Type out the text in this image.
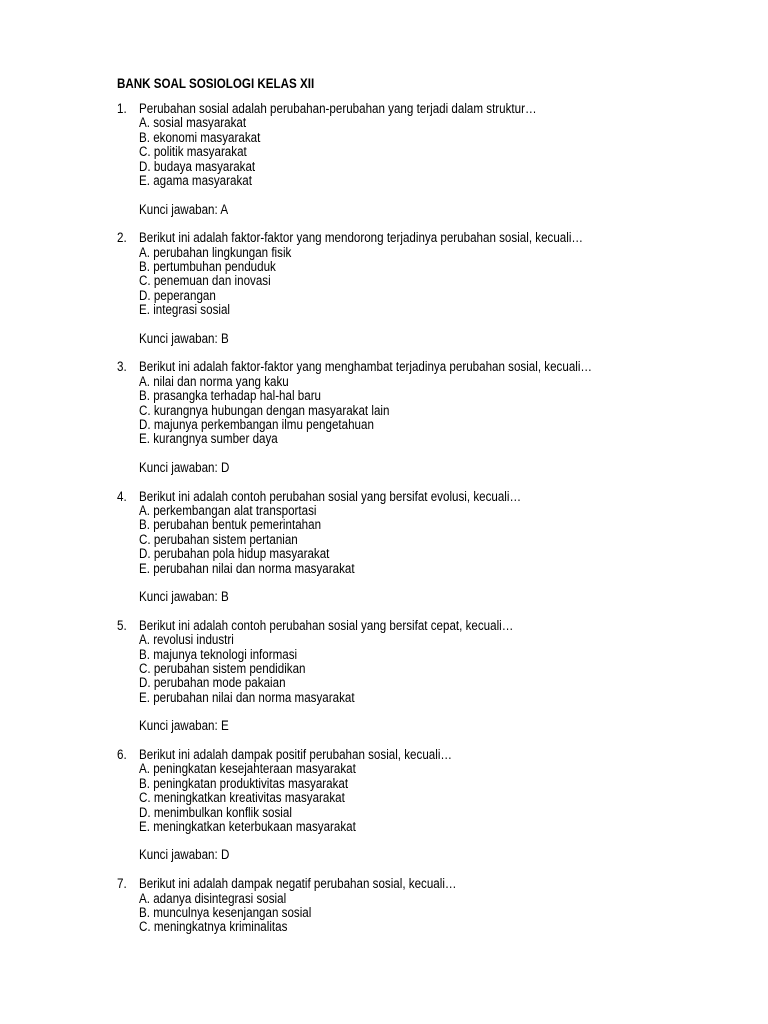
BANK SOAL SOSIOLOGI KELAS XII
1. Perubahan sosial adalah perubahan-perubahan yang terjadi dalam struktur…
A. sosial masyarakat
B. ekonomi masyarakat
C. politik masyarakat
D. budaya masyarakat
E. agama masyarakat
Kunci jawaban: A
2. Berikut ini adalah faktor-faktor yang mendorong terjadinya perubahan sosial, kecuali…
A. perubahan lingkungan fisik
B. pertumbuhan penduduk
C. penemuan dan inovasi
D. peperangan
E. integrasi sosial
Kunci jawaban: B
3. Berikut ini adalah faktor-faktor yang menghambat terjadinya perubahan sosial, kecuali…
A. nilai dan norma yang kaku
B. prasangka terhadap hal-hal baru
C. kurangnya hubungan dengan masyarakat lain
D. majunya perkembangan ilmu pengetahuan
E. kurangnya sumber daya
Kunci jawaban: D
4. Berikut ini adalah contoh perubahan sosial yang bersifat evolusi, kecuali…
A. perkembangan alat transportasi
B. perubahan bentuk pemerintahan
C. perubahan sistem pertanian
D. perubahan pola hidup masyarakat
E. perubahan nilai dan norma masyarakat
Kunci jawaban: B
5. Berikut ini adalah contoh perubahan sosial yang bersifat cepat, kecuali…
A. revolusi industri
B. majunya teknologi informasi
C. perubahan sistem pendidikan
D. perubahan mode pakaian
E. perubahan nilai dan norma masyarakat
Kunci jawaban: E
6. Berikut ini adalah dampak positif perubahan sosial, kecuali…
A. peningkatan kesejahteraan masyarakat
B. peningkatan produktivitas masyarakat
C. meningkatkan kreativitas masyarakat
D. menimbulkan konflik sosial
E. meningkatkan keterbukaan masyarakat
Kunci jawaban: D
7. Berikut ini adalah dampak negatif perubahan sosial, kecuali…
A. adanya disintegrasi sosial
B. munculnya kesenjangan sosial
C. meningkatnya kriminalitas
